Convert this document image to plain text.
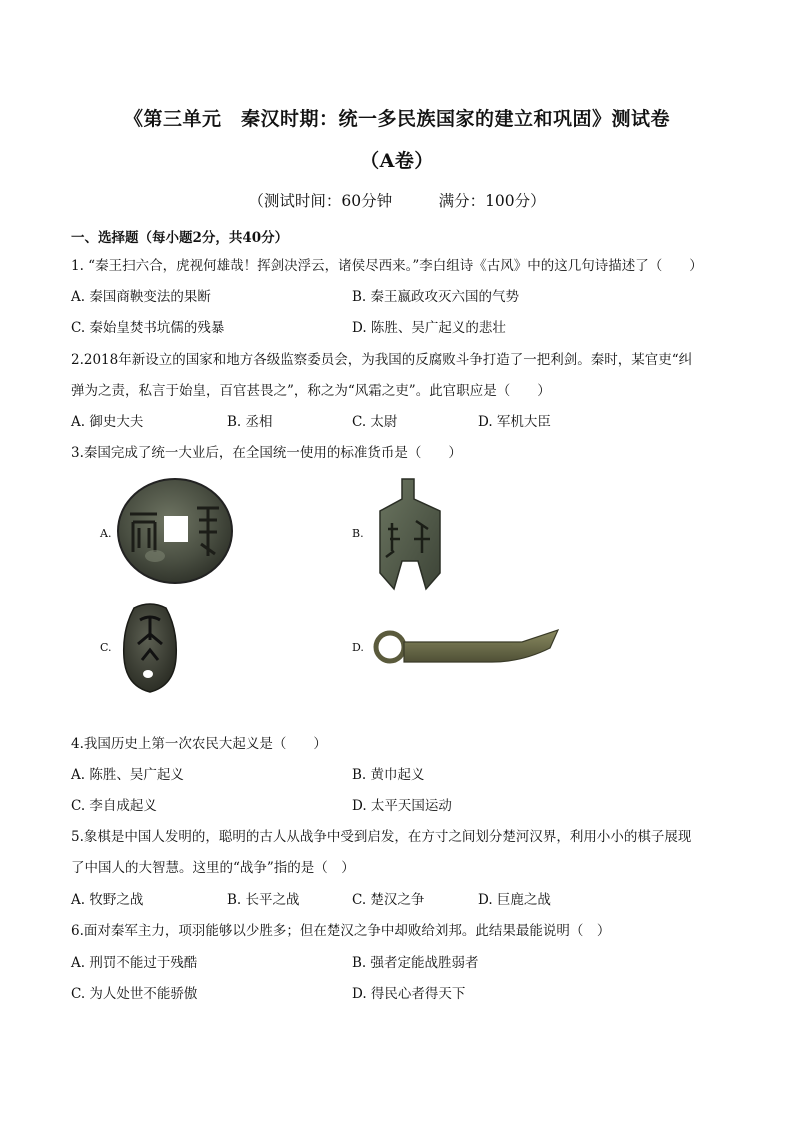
《第三单元　秦汉时期：统一多民族国家的建立和巩固》测试卷
（A卷）
（测试时间：60分钟　　　满分：100分）
一、选择题（每小题2分，共40分）
1. “秦王扫六合，虎视何雄哉！挥剑决浮云，诸侯尽西来。”李白组诗《古风》中的这几句诗描述了（　　）
A. 秦国商鞅变法的果断	B. 秦王嬴政攻灭六国的气势
C. 秦始皇焚书坑儒的残暴	D. 陈胜、吴广起义的悲壮
2.2018年新设立的国家和地方各级监察委员会，为我国的反腐败斗争打造了一把利剑。秦时，某官吏“纠
弹为之责，私言于始皇，百官甚畏之”，称之为“风霜之吏”。此官职应是（　　）
A. 御史大夫	B. 丞相	C. 太尉	D. 军机大臣
3.秦国完成了统一大业后，在全国统一使用的标准货币是（　　）
A.	B.
C.	D.
4.我国历史上第一次农民大起义是（　　）
A. 陈胜、吴广起义	B. 黄巾起义
C. 李自成起义	D. 太平天国运动
5.象棋是中国人发明的，聪明的古人从战争中受到启发，在方寸之间划分楚河汉界，利用小小的棋子展现
了中国人的大智慧。这里的“战争”指的是（　）
A. 牧野之战	B. 长平之战	C. 楚汉之争	D. 巨鹿之战
6.面对秦军主力，项羽能够以少胜多；但在楚汉之争中却败给刘邦。此结果最能说明（　）
A. 刑罚不能过于残酷	B. 强者定能战胜弱者
C. 为人处世不能骄傲	D. 得民心者得天下
